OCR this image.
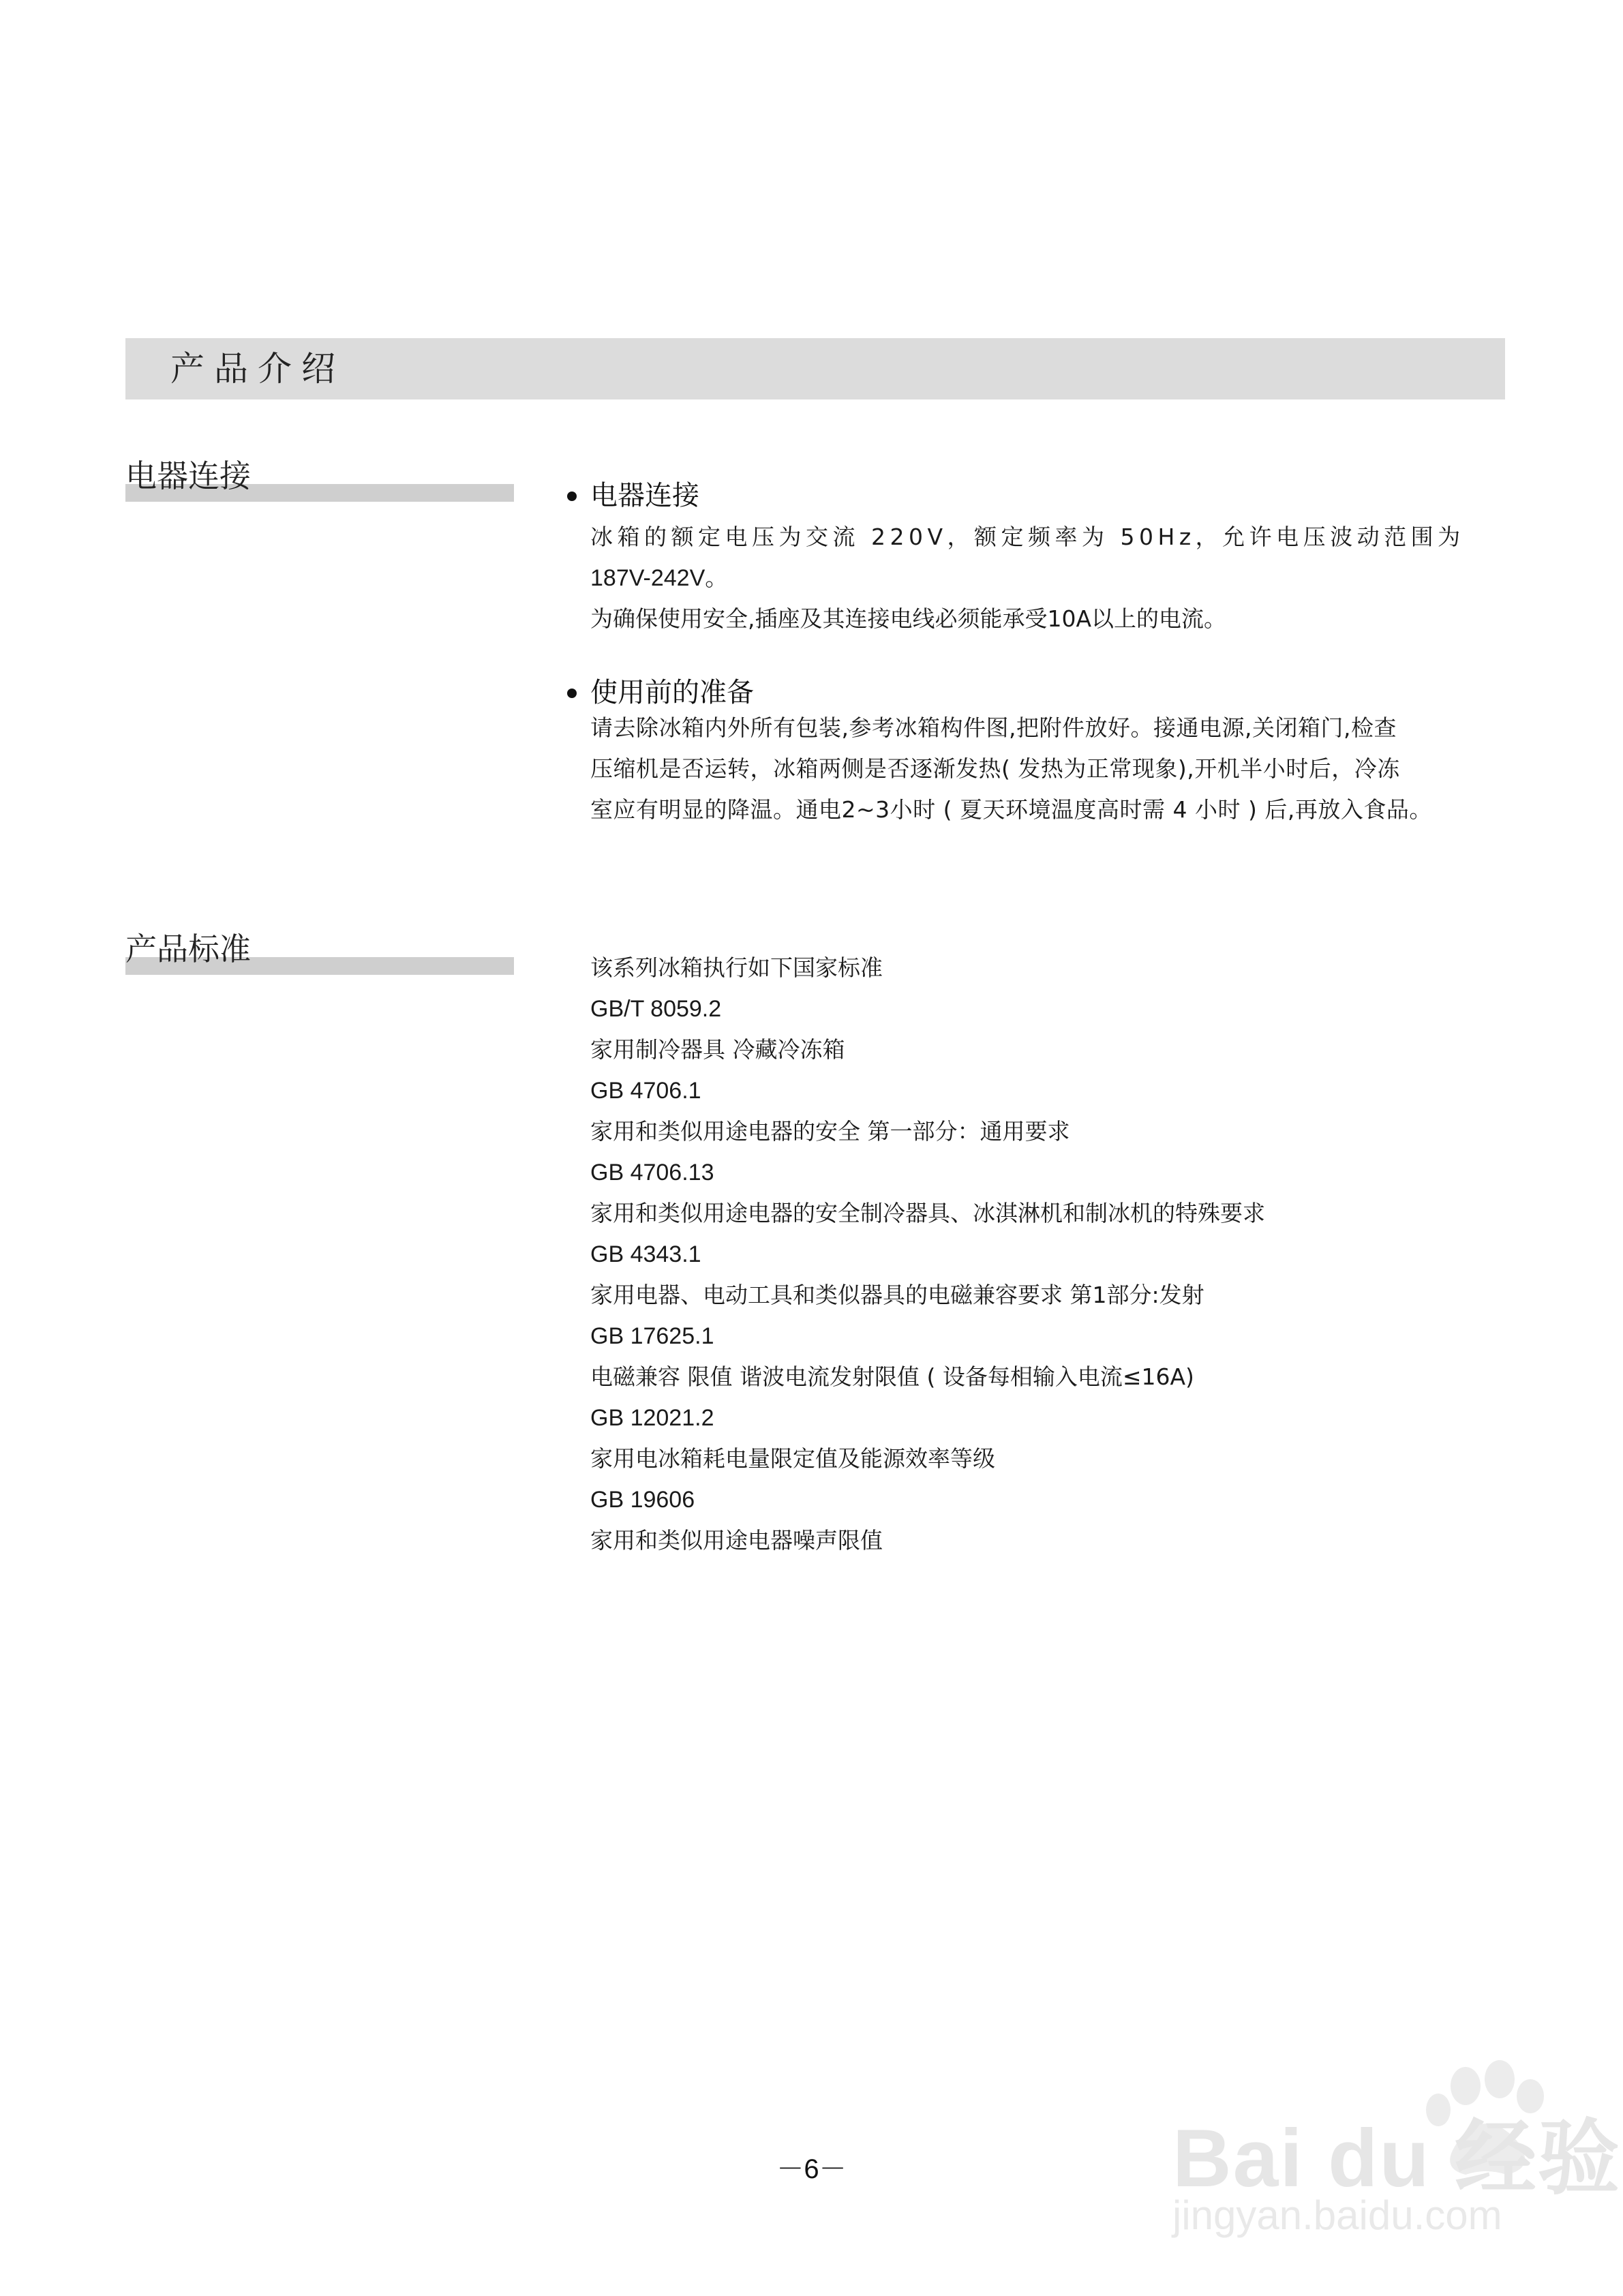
产品介绍
电器连接
电器连接
冰箱的额定电压为交流 220V，额定频率为 50Hz，允许电压波动范围为
187V-242V。
为确保使用安全,插座及其连接电线必须能承受10A以上的电流。
使用前的准备
请去除冰箱内外所有包装,参考冰箱构件图,把附件放好。接通电源,关闭箱门,检查
压缩机是否运转，冰箱两侧是否逐渐发热( 发热为正常现象),开机半小时后，冷冻
室应有明显的降温。通电2~3小时 ( 夏天环境温度高时需 4 小时 ) 后,再放入食品。
产品标准
该系列冰箱执行如下国家标准
GB/T 8059.2
家用制冷器具 冷藏冷冻箱
GB 4706.1
家用和类似用途电器的安全 第一部分：通用要求
GB 4706.13
家用和类似用途电器的安全制冷器具、冰淇淋机和制冰机的特殊要求
GB 4343.1
家用电器、电动工具和类似器具的电磁兼容要求 第1部分:发射
GB 17625.1
电磁兼容 限值 谐波电流发射限值 ( 设备每相输入电流≤16A)
GB 12021.2
家用电冰箱耗电量限定值及能源效率等级
GB 19606
家用和类似用途电器噪声限值
－6－	Bai du 经验
jingyan.baidu.com
